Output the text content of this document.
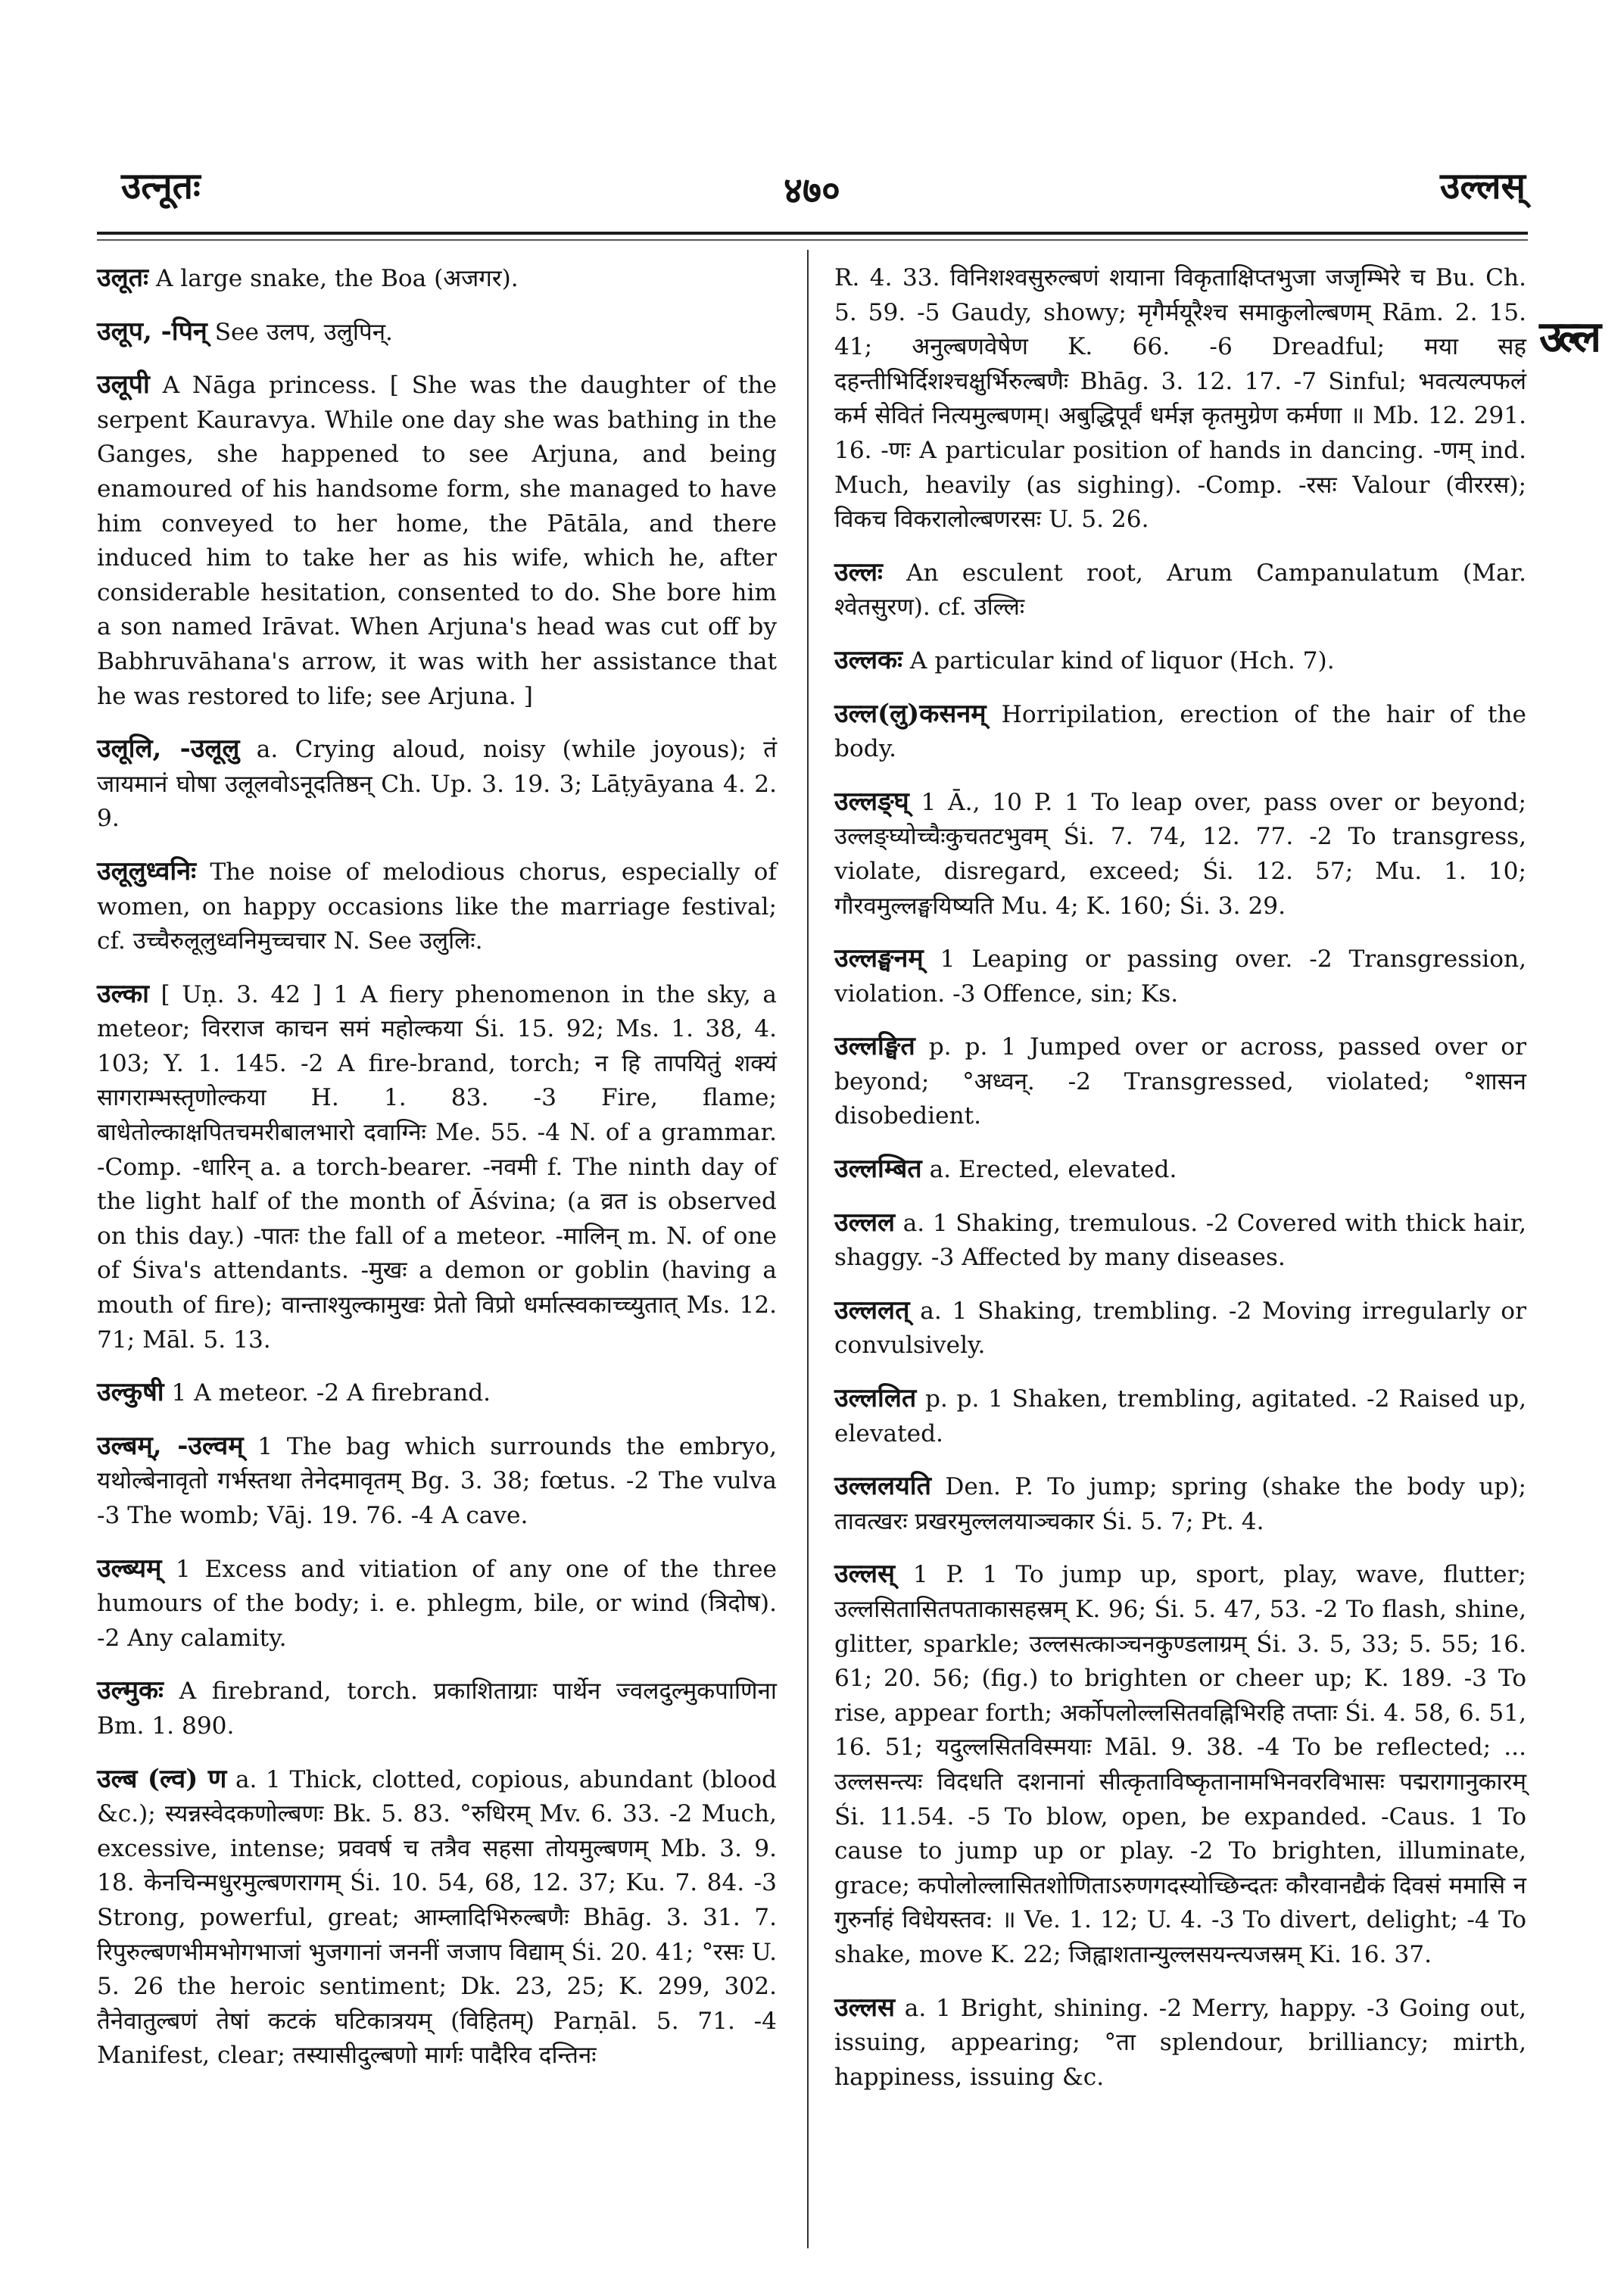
उत्नूतः	४७०	उल्लस्
उल्ल

उलूतः A large snake, the Boa (अजगर).

उलूप, -पिन् See उलप, उलुपिन्.

उलूपी A Nāga princess. [ She was the daughter of the serpent Kauravya. While one day she was bathing in the Ganges, she happened to see Arjuna, and being enamoured of his handsome form, she managed to have him conveyed to her home, the Pātāla, and there induced him to take her as his wife, which he, after considerable hesitation, consented to do. She bore him a son named Irāvat. When Arjuna's head was cut off by Babhruvāhana's arrow, it was with her assistance that he was restored to life; see Arjuna. ]

उलूलि, -उलूलु a. Crying aloud, noisy (while joyous); तं जायमानं घोषा उलूलवोऽनूदतिष्ठन् Ch. Up. 3. 19. 3; Lāṭyāyana 4. 2. 9.

उलूलुध्वनिः The noise of melodious chorus, especially of women, on happy occasions like the marriage festival; cf. उच्चैरुलूलुध्वनिमुच्चचार N. See उलुलिः.

उल्का [ Uṇ. 3. 42 ] 1 A fiery phenomenon in the sky, a meteor; विरराज काचन समं महोल्कया Śi. 15. 92; Ms. 1. 38, 4. 103; Y. 1. 145. -2 A fire-brand, torch; न हि तापयितुं शक्यं सागराम्भस्तृणोल्कया H. 1. 83. -3 Fire, flame; बाधेतोल्काक्षपितचमरीबालभारो दवाग्निः Me. 55. -4 N. of a grammar. -Comp. -धारिन् a. a torch-bearer. -नवमी f. The ninth day of the light half of the month of Āśvina; (a व्रत is observed on this day.) -पातः the fall of a meteor. -मालिन् m. N. of one of Śiva's attendants. -मुखः a demon or goblin (having a mouth of fire); वान्ताश्युल्कामुखः प्रेतो विप्रो धर्मात्स्वकाच्च्युतात् Ms. 12. 71; Māl. 5. 13.

उल्कुषी 1 A meteor. -2 A firebrand.

उल्बम्, -उल्वम् 1 The bag which surrounds the embryo, यथोल्बेनावृतो गर्भस्तथा तेनेदमावृतम् Bg. 3. 38; fœtus. -2 The vulva -3 The womb; Vāj. 19. 76. -4 A cave.

उल्ब्यम् 1 Excess and vitiation of any one of the three humours of the body; i. e. phlegm, bile, or wind (त्रिदोष). -2 Any calamity.

उल्मुकः A firebrand, torch. प्रकाशिताग्राः पार्थेन ज्वलदुल्मुकपाणिना Bm. 1. 890.

उल्ब (ल्व) ण a. 1 Thick, clotted, copious, abundant (blood &c.); स्यन्नस्वेदकणोल्बणः Bk. 5. 83. °रुधिरम् Mv. 6. 33. -2 Much, excessive, intense; प्रववर्ष च तत्रैव सहसा तोयमुल्बणम् Mb. 3. 9. 18. केनचिन्मधुरमुल्बणरागम् Śi. 10. 54, 68, 12. 37; Ku. 7. 84. -3 Strong, powerful, great; आम्लादिभिरुल्बणैः Bhāg. 3. 31. 7. रिपुरुल्बणभीमभोगभाजां भुजगानां जननीं जजाप विद्याम् Śi. 20. 41; °रसः U. 5. 26 the heroic sentiment; Dk. 23, 25; K. 299, 302. तैनेवातुल्बणं तेषां कटकं घटिकात्रयम् (विहितम्) Parṇāl. 5. 71. -4 Manifest, clear; तस्यासीदुल्बणो मार्गः पादैरिव दन्तिनः

R. 4. 33. विनिशश्वसुरुल्बणं शयाना विकृताक्षिप्तभुजा जजृम्भिरे च Bu. Ch. 5. 59. -5 Gaudy, showy; मृगैर्मयूरैश्च समाकुलोल्बणम् Rām. 2. 15. 41; अनुल्बणवेषेण K. 66. -6 Dreadful; मया सह दहन्तीभिर्दिशश्चक्षुर्भिरुल्बणैः Bhāg. 3. 12. 17. -7 Sinful; भवत्यल्पफलं कर्म सेवितं नित्यमुल्बणम्। अबुद्धिपूर्वं धर्मज्ञ कृतमुग्रेण कर्मणा ॥ Mb. 12. 291. 16. -णः A particular position of hands in dancing. -णम् ind. Much, heavily (as sighing). -Comp. -रसः Valour (वीररस); विकच विकरालोल्बणरसः U. 5. 26.

उल्लः An esculent root, Arum Campanulatum (Mar. श्वेतसुरण). cf. उल्लिः

उल्लकः A particular kind of liquor (Hch. 7).

उल्ल(लु)कसनम् Horripilation, erection of the hair of the body.

उल्लङ्घ् 1 Ā., 10 P. 1 To leap over, pass over or beyond; उल्लङ्घ्योच्चैःकुचतटभुवम् Śi. 7. 74, 12. 77. -2 To transgress, violate, disregard, exceed; Śi. 12. 57; Mu. 1. 10; गौरवमुल्लङ्घयिष्यति Mu. 4; K. 160; Śi. 3. 29.

उल्लङ्घनम् 1 Leaping or passing over. -2 Transgression, violation. -3 Offence, sin; Ks.

उल्लङ्घित p. p. 1 Jumped over or across, passed over or beyond; °अध्वन्. -2 Transgressed, violated; °शासन disobedient.

उल्लम्बित a. Erected, elevated.

उल्लल a. 1 Shaking, tremulous. -2 Covered with thick hair, shaggy. -3 Affected by many diseases.

उल्ललत् a. 1 Shaking, trembling. -2 Moving irregularly or convulsively.

उल्ललित p. p. 1 Shaken, trembling, agitated. -2 Raised up, elevated.

उल्ललयति Den. P. To jump; spring (shake the body up); तावत्खरः प्रखरमुल्ललयाञ्चकार Śi. 5. 7; Pt. 4.

उल्लस् 1 P. 1 To jump up, sport, play, wave, flutter; उल्लसितासितपताकासहस्रम् K. 96; Śi. 5. 47, 53. -2 To flash, shine, glitter, sparkle; उल्लसत्काञ्चनकुण्डलाग्रम् Śi. 3. 5, 33; 5. 55; 16. 61; 20. 56; (fig.) to brighten or cheer up; K. 189. -3 To rise, appear forth; अर्कोपलोल्लसितवह्निभिरहि तप्ताः Śi. 4. 58, 6. 51, 16. 51; यदुल्लसितविस्मयाः Māl. 9. 38. -4 To be reflected; ... उल्लसन्त्यः विदधति दशनानां सीत्कृताविष्कृतानामभिनवरविभासः पद्मरागानुकारम् Śi. 11.54. -5 To blow, open, be expanded. -Caus. 1 To cause to jump up or play. -2 To brighten, illuminate, grace; कपोलोल्लासितशोणिताऽरुणगदस्योच्छिन्दतः कौरवानद्यैकं दिवसं ममासि न गुरुर्नाहं विधेयस्तव: ॥ Ve. 1. 12; U. 4. -3 To divert, delight; -4 To shake, move K. 22; जिह्वाशतान्युल्लसयन्त्यजस्रम् Ki. 16. 37.

उल्लस a. 1 Bright, shining. -2 Merry, happy. -3 Going out, issuing, appearing; °ता splendour, brilliancy; mirth, happiness, issuing &c.
